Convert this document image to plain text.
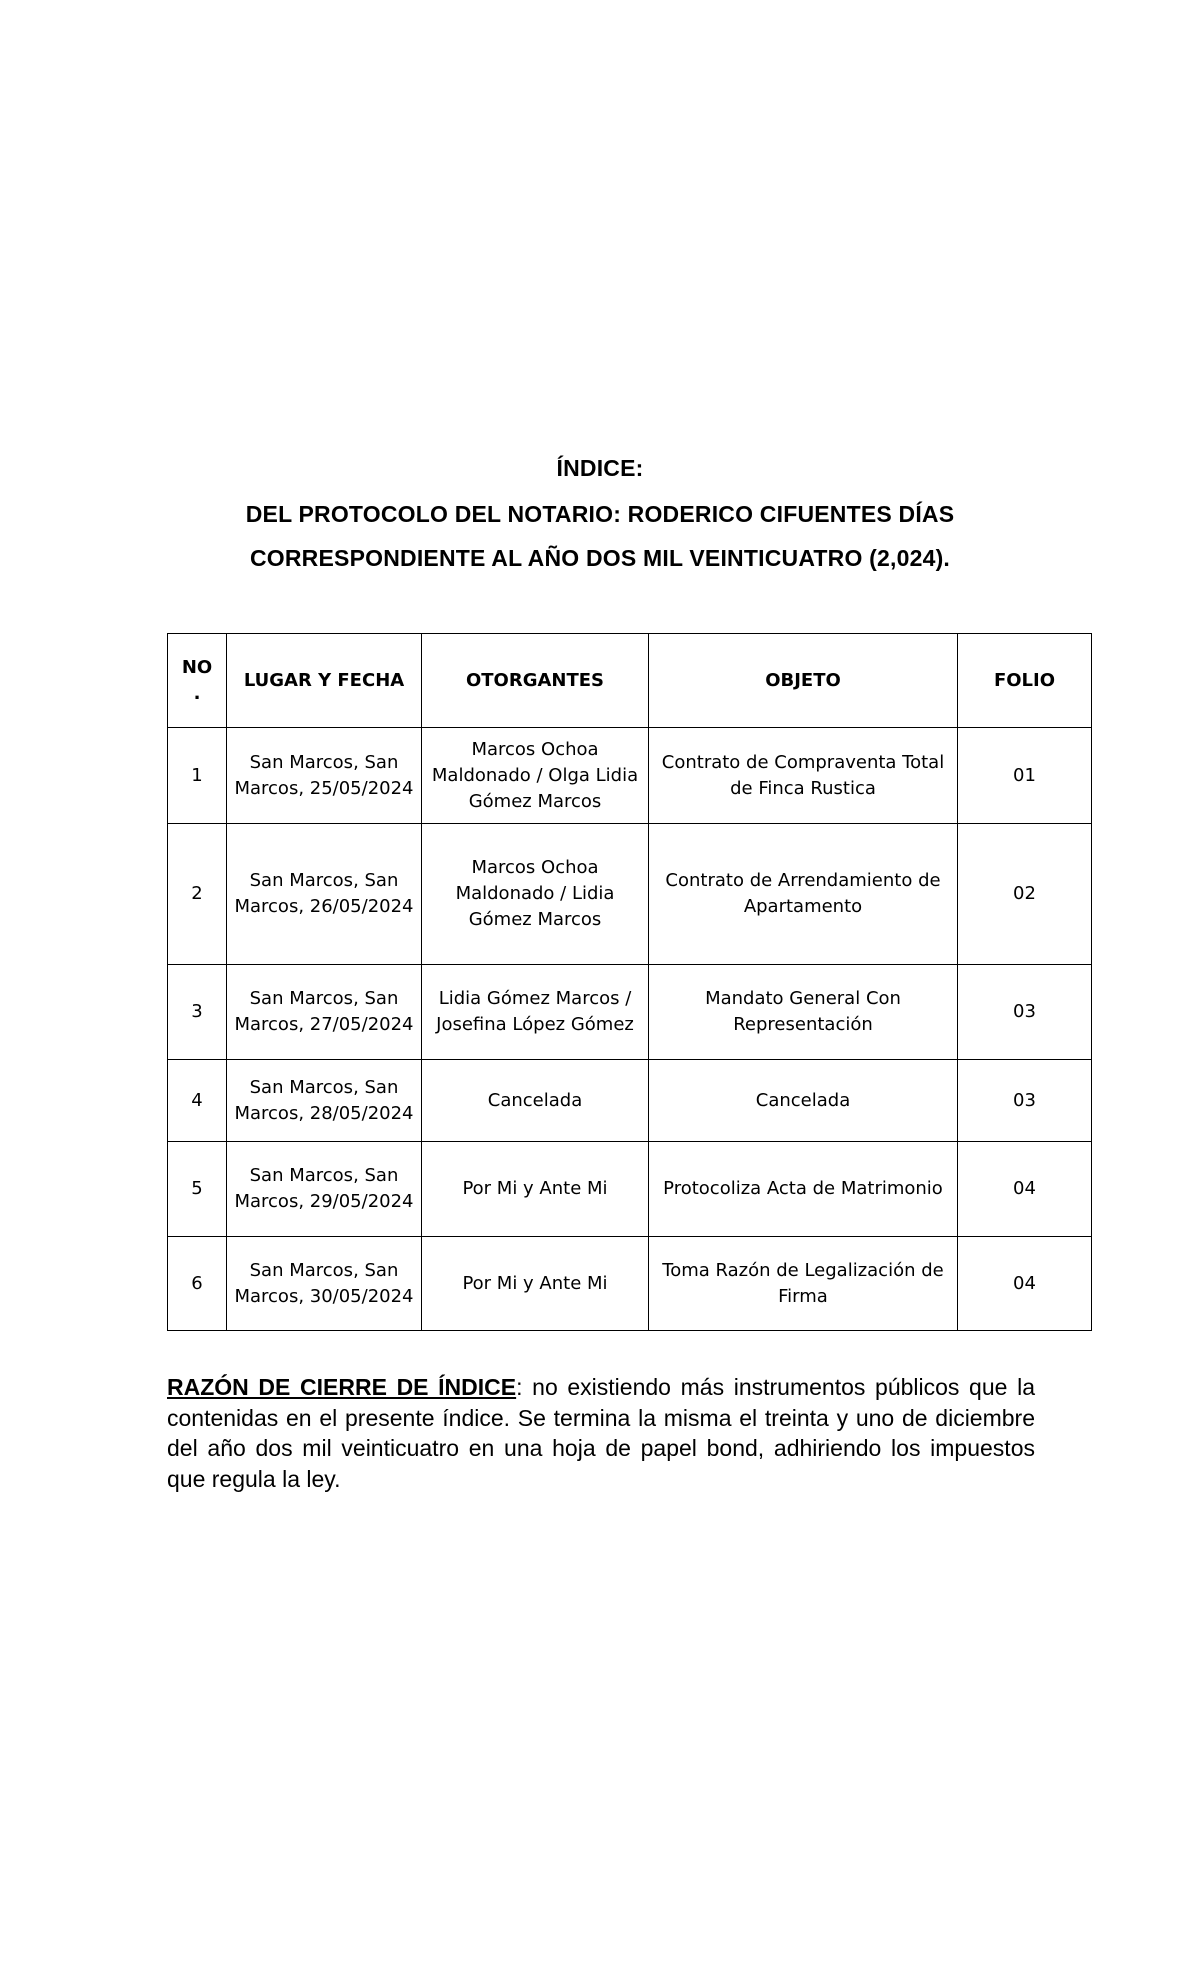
ÍNDICE:
DEL PROTOCOLO DEL NOTARIO: RODERICO CIFUENTES DÍAS
CORRESPONDIENTE AL AÑO DOS MIL VEINTICUATRO (2,024).
NO
.	LUGAR Y FECHA	OTORGANTES	OBJETO	FOLIO
1	San Marcos, San Marcos, 25/05/2024	Marcos Ochoa Maldonado / Olga Lidia Gómez Marcos	Contrato de Compraventa Total de Finca Rustica	01
2	San Marcos, San Marcos, 26/05/2024	Marcos Ochoa Maldonado / Lidia Gómez Marcos	Contrato de Arrendamiento de Apartamento	02
3	San Marcos, San Marcos, 27/05/2024	Lidia Gómez Marcos / Josefina López Gómez	Mandato General Con Representación	03
4	San Marcos, San Marcos, 28/05/2024	Cancelada	Cancelada	03
5	San Marcos, San Marcos, 29/05/2024	Por Mi y Ante Mi	Protocoliza Acta de Matrimonio	04
6	San Marcos, San Marcos, 30/05/2024	Por Mi y Ante Mi	Toma Razón de Legalización de Firma	04
RAZÓN DE CIERRE DE ÍNDICE: no existiendo más instrumentos públicos que la contenidas en el presente índice. Se termina la misma el treinta y uno de diciembre del año dos mil veinticuatro en una hoja de papel bond, adhiriendo los impuestos que regula la ley.
